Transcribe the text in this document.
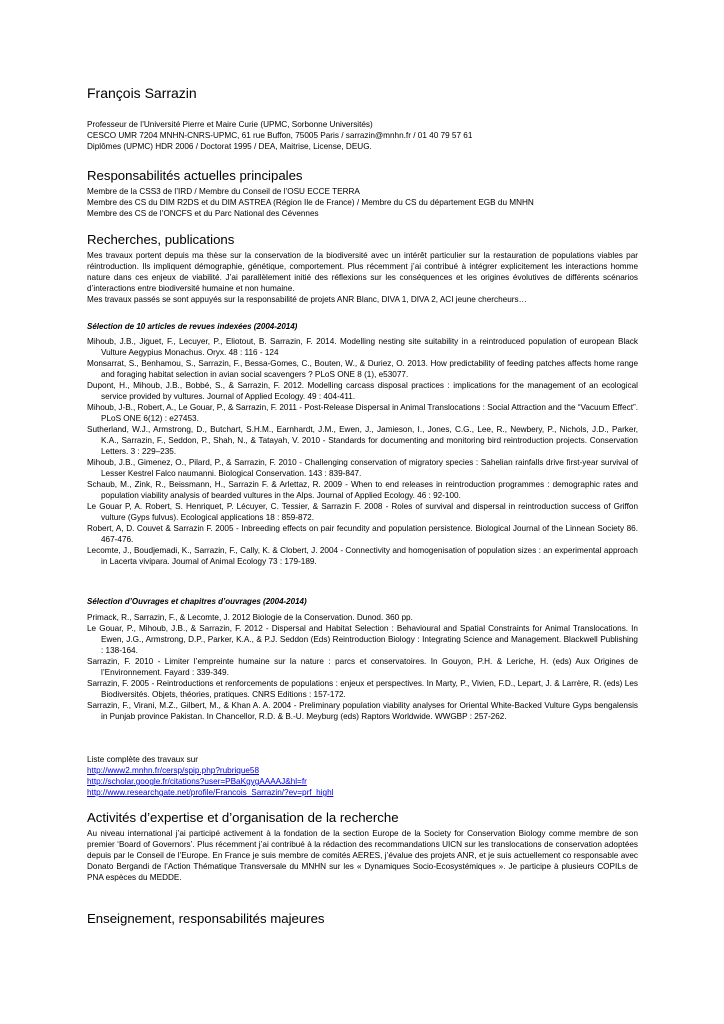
François Sarrazin

Professeur de l’Université Pierre et Maire Curie (UPMC, Sorbonne Universités)

CESCO UMR 7204 MNHN-CNRS-UPMC, 61 rue Buffon, 75005 Paris / sarrazin@mnhn.fr / 01 40 79 57 61

Diplômes (UPMC) HDR 2006 / Doctorat 1995 / DEA, Maitrise, License, DEUG.

Responsabilités actuelles principales

Membre de la CSS3 de l’IRD / Membre du Conseil de l’OSU ECCE TERRA

Membre des CS du DIM R2DS et du DIM ASTREA (Région Ile de France) / Membre du CS du département EGB du MNHN

Membre des CS de l’ONCFS et du Parc National des Cévennes

Recherches, publications

Mes travaux portent depuis ma thèse sur la conservation de la biodiversité avec un intérêt particulier sur la restauration de populations viables par réintroduction. Ils impliquent démographie, génétique, comportement. Plus récemment j’ai contribué à intégrer explicitement les interactions homme nature dans ces enjeux de viabilité. J’ai parallèlement initié des réflexions sur les conséquences et les origines évolutives de différents scénarios d’interactions entre biodiversité humaine et non humaine.

Mes travaux passés se sont appuyés sur la responsabilité de projets ANR Blanc, DIVA 1, DIVA 2, ACI jeune chercheurs…

Sélection de 10 articles de revues indexées (2004-2014)

Mihoub, J.B., Jiguet, F., Lecuyer, P., Eliotout, B. Sarrazin, F. 2014. Modelling nesting site suitability in a reintroduced population of european Black Vulture Aegypius Monachus. Oryx. 48 : 116 - 124

Monsarrat, S., Benhamou, S., Sarrazin, F., Bessa-Gomes, C., Bouten, W., & Duriez, O. 2013. How predictability of feeding patches affects home range and foraging habitat selection in avian social scavengers ? PLoS ONE 8 (1), e53077.

Dupont, H., Mihoub, J.B., Bobbé, S., & Sarrazin, F. 2012. Modelling carcass disposal practices : implications for the management of an ecological service provided by vultures. Journal of Applied Ecology. 49 : 404-411.

Mihoub, J-B., Robert, A., Le Gouar, P., & Sarrazin, F. 2011 - Post-Release Dispersal in Animal Translocations : Social Attraction and the “Vacuum Effect”. PLoS ONE 6(12) : e27453.

Sutherland, W.J., Armstrong, D., Butchart, S.H.M., Earnhardt, J.M., Ewen, J., Jamieson, I., Jones, C.G., Lee, R., Newbery, P., Nichols, J.D., Parker, K.A., Sarrazin, F., Seddon, P., Shah, N., & Tatayah, V. 2010 - Standards for documenting and monitoring bird reintroduction projects. Conservation Letters. 3 : 229–235.

Mihoub, J.B., Gimenez, O., Pilard, P., & Sarrazin, F. 2010 - Challenging conservation of migratory species : Sahelian rainfalls drive first-year survival of Lesser Kestrel Falco naumanni. Biological Conservation. 143 : 839-847.

Schaub, M., Zink, R., Beissmann, H., Sarrazin F. & Arlettaz, R. 2009 - When to end releases in reintroduction programmes : demographic rates and population viability analysis of bearded vultures in the Alps. Journal of Applied Ecology. 46 : 92-100.

Le Gouar P, A. Robert, S. Henriquet, P. Lécuyer, C. Tessier, & Sarrazin F. 2008 - Roles of survival and dispersal in reintroduction success of Griffon vulture (Gyps fulvus). Ecological applications 18 : 859-872.

Robert, A, D. Couvet & Sarrazin F. 2005 - Inbreeding effects on pair fecundity and population persistence. Biological Journal of the Linnean Society 86. 467-476.

Lecomte, J., Boudjemadi, K., Sarrazin, F., Cally, K. & Clobert, J. 2004 - Connectivity and homogenisation of population sizes : an experimental approach in Lacerta vivipara. Journal of Animal Ecology 73 : 179-189.

Sélection d’Ouvrages et chapitres d’ouvrages (2004-2014)

Primack, R., Sarrazin, F., & Lecomte, J. 2012 Biologie de la Conservation. Dunod. 360 pp.

Le Gouar, P., Mihoub, J.B., & Sarrazin, F. 2012 - Dispersal and Habitat Selection : Behavioural and Spatial Constraints for Animal Translocations. In Ewen, J.G., Armstrong, D.P., Parker, K.A., & P.J. Seddon (Eds) Reintroduction Biology : Integrating Science and Management. Blackwell Publishing : 138-164.

Sarrazin, F. 2010 - Limiter l’empreinte humaine sur la nature : parcs et conservatoires. In Gouyon, P.H. & Leriche, H. (eds) Aux Origines de l’Environnement. Fayard : 339-349.

Sarrazin, F. 2005 - Reintroductions et renforcements de populations : enjeux et perspectives. In Marty, P., Vivien, F.D., Lepart, J. & Larrère, R. (eds) Les Biodiversités. Objets, théories, pratiques. CNRS Editions : 157-172.

Sarrazin, F., Virani, M.Z., Gilbert, M., & Khan A. A. 2004 - Preliminary population viability analyses for Oriental White-Backed Vulture Gyps bengalensis in Punjab province Pakistan. In Chancellor, R.D. & B.-U. Meyburg (eds) Raptors Worldwide. WWGBP : 257-262.

Liste complète des travaux sur

http://www2.mnhn.fr/cersp/spip.php?rubrique58
http://scholar.google.fr/citations?user=PBaKgygAAAAJ&hl=fr
http://www.researchgate.net/profile/Francois_Sarrazin/?ev=prf_highl
Activités d’expertise et d’organisation de la recherche

Au niveau international j’ai participé activement à la fondation de la section Europe de la Society for Conservation Biology comme membre de son premier ‘Board of Governors’. Plus récemment j’ai contribué à la rédaction des recommandations UICN sur les translocations de conservation adoptées depuis par le Conseil de l’Europe. En France je suis membre de comités AERES, j’évalue des projets ANR, et je suis actuellement co responsable avec Donato Bergandi de l’Action Thématique Transversale du MNHN sur les « Dynamiques Socio-Ecosystémiques ». Je participe à plusieurs COPILs de PNA espèces du MEDDE.

Enseignement, responsabilités majeures
